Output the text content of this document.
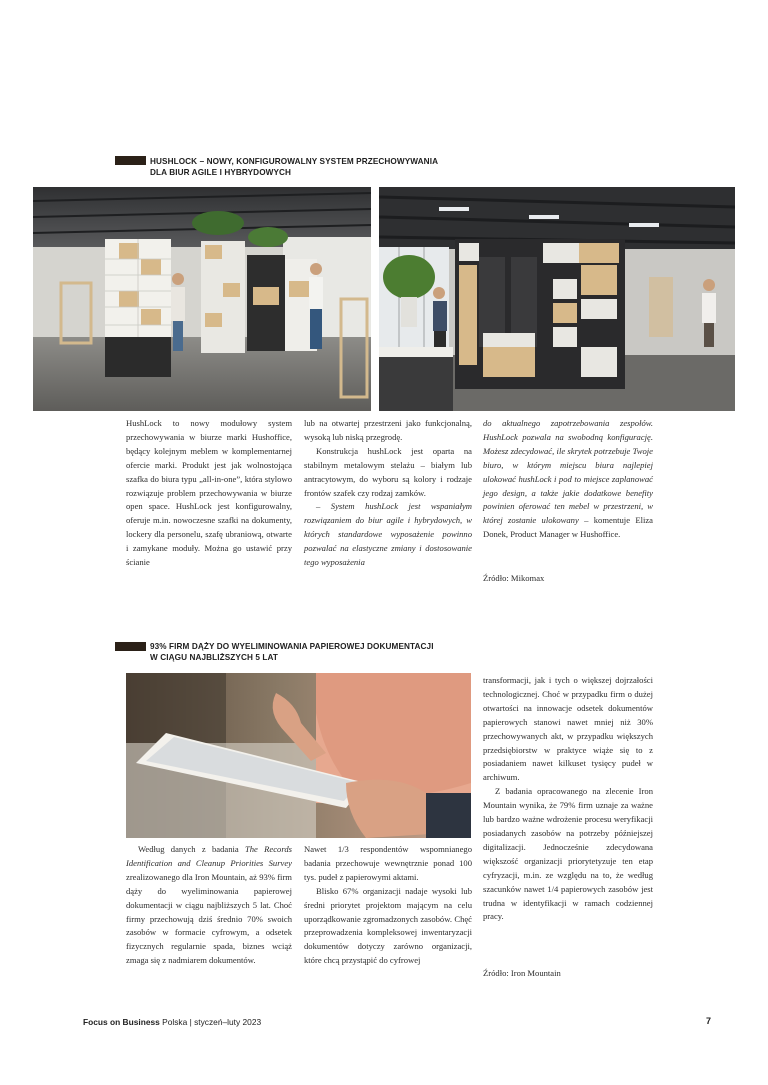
HUSHLOCK – NOWY, KONFIGUROWALNY SYSTEM PRZECHOWYWANIA
DLA BIUR AGILE I HYBRYDOWYCH

HushLock to nowy modułowy system przechowywania w biurze marki Hushoffice, będący kolejnym meblem w komplementarnej ofercie marki. Produkt jest jak wolnostojąca szafka do biura typu „all-in-one”, która stylowo rozwiązuje problem przechowywania w biurze open space. HushLock jest konfigurowalny, oferuje m.in. nowoczesne szafki na dokumenty, lockery dla personelu, szafę ubraniową, otwarte i zamykane moduły. Można go ustawić przy ścianie

lub na otwartej przestrzeni jako funkcjonalną, wysoką lub niską przegrodę.

Konstrukcja hushLock jest oparta na stabilnym metalowym stelażu – białym lub antracytowym, do wyboru są kolory i rodzaje frontów szafek czy rodzaj zamków.

– System hushLock jest wspaniałym rozwiązaniem do biur agile i hybrydowych, w których standardowe wyposażenie powinno pozwalać na elastyczne zmiany i dostosowanie tego wyposażenia

do aktualnego zapotrzebowania zespołów. HushLock pozwala na swobodną konfigurację. Możesz zdecydować, ile skrytek potrzebuje Twoje biuro, w którym miejscu biura najlepiej ulokować hushLock i pod to miejsce zaplanować jego design, a także jakie dodatkowe benefity powinien oferować ten mebel w przestrzeni, w której zostanie ulokowany – komentuje Eliza Donek, Product Manager w Hushoffice.

Źródło: Mikomax
93% FIRM DĄŻY DO WYELIMINOWANIA PAPIEROWEJ DOKUMENTACJI
W CIĄGU NAJBLIŻSZYCH 5 LAT

Według danych z badania The Records Identification and Cleanup Priorities Survey zrealizowanego dla Iron Mountain, aż 93% firm dąży do wyeliminowania papierowej dokumentacji w ciągu najbliższych 5 lat. Choć firmy przechowują dziś średnio 70% swoich zasobów w formacie cyfrowym, a odsetek fizycznych regularnie spada, biznes wciąż zmaga się z nadmiarem dokumentów.

Nawet 1/3 respondentów wspomnianego badania przechowuje wewnętrznie ponad 100 tys. pudeł z papierowymi aktami.

Blisko 67% organizacji nadaje wysoki lub średni priorytet projektom mającym na celu uporządkowanie zgromadzonych zasobów. Chęć przeprowadzenia kompleksowej inwentaryzacji dokumentów dotyczy zarówno organizacji, które chcą przystąpić do cyfrowej

transformacji, jak i tych o większej dojrzałości technologicznej. Choć w przypadku firm o dużej otwartości na innowacje odsetek dokumentów papierowych stanowi nawet mniej niż 30% przechowywanych akt, w przypadku większych przedsiębiorstw w praktyce wiąże się to z posiadaniem nawet kilkuset tysięcy pudeł w archiwum.

Z badania opracowanego na zlecenie Iron Mountain wynika, że 79% firm uznaje za ważne lub bardzo ważne wdrożenie procesu weryfikacji posiadanych zasobów na potrzeby późniejszej digitalizacji. Jednocześnie zdecydowana większość organizacji priorytetyzuje ten etap cyfryzacji, m.in. ze względu na to, że według szacunków nawet 1/4 papierowych zasobów jest trudna w identyfikacji w ramach codziennej pracy.

Źródło: Iron Mountain
Focus on Business Polska | styczeń–luty 2023	7
